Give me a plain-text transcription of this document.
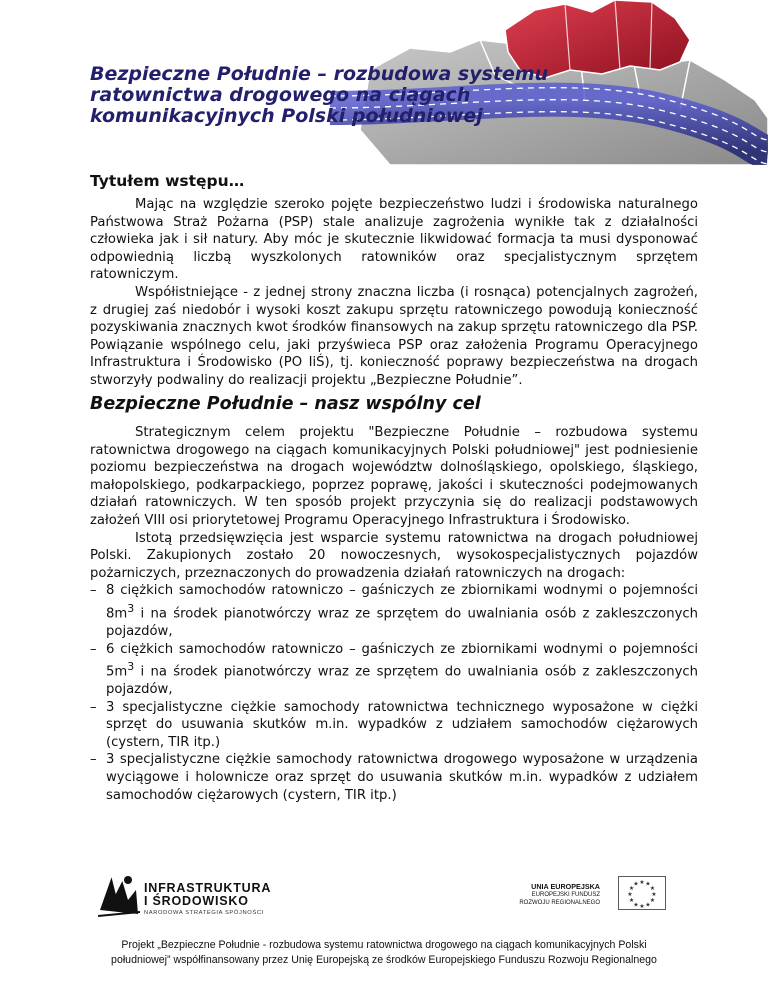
Bezpieczne Południe – rozbudowa systemu
ratownictwa drogowego na ciągach
komunikacyjnych Polski południowej
Tytułem wstępu…

Mając na względzie szeroko pojęte bezpieczeństwo ludzi i środowiska naturalnego Państwowa Straż Pożarna (PSP) stale analizuje zagrożenia wynikłe tak z działalności człowieka jak i sił natury. Aby móc je skutecznie likwidować formacja ta musi dysponować odpowiednią liczbą wyszkolonych ratowników oraz specjalistycznym sprzętem ratowniczym.

Współistniejące - z jednej strony znaczna liczba (i rosnąca) potencjalnych zagrożeń, z drugiej zaś niedobór i wysoki koszt zakupu sprzętu ratowniczego powodują konieczność pozyskiwania znacznych kwot środków finansowych na zakup sprzętu ratowniczego dla PSP. Powiązanie wspólnego celu, jaki przyświeca PSP oraz założenia Programu Operacyjnego Infrastruktura i Środowisko (PO IiŚ), tj. konieczność poprawy bezpieczeństwa na drogach stworzyły podwaliny do realizacji projektu „Bezpieczne Południe”.

Bezpieczne Południe – nasz wspólny cel

Strategicznym celem projektu "Bezpieczne Południe – rozbudowa systemu ratownictwa drogowego na ciągach komunikacyjnych Polski południowej" jest podniesienie poziomu bezpieczeństwa na drogach województw dolnośląskiego, opolskiego, śląskiego, małopolskiego, podkarpackiego, poprzez poprawę, jakości i skuteczności podejmowanych działań ratowniczych. W ten sposób projekt przyczynia się do realizacji podstawowych założeń VIII osi priorytetowej Programu Operacyjnego Infrastruktura i Środowisko.

Istotą przedsięwzięcia jest wsparcie systemu ratownictwa na drogach południowej Polski. Zakupionych zostało 20 nowoczesnych, wysokospecjalistycznych pojazdów pożarniczych, przeznaczonych do prowadzenia działań ratowniczych na drogach:

– 8 ciężkich samochodów ratowniczo – gaśniczych ze zbiornikami wodnymi o pojemności $8m^3$ i na środek pianotwórczy wraz ze sprzętem do uwalniania osób z zakleszczonych pojazdów,
– 6 ciężkich samochodów ratowniczo – gaśniczych ze zbiornikami wodnymi o pojemności $5m^3$ i na środek pianotwórczy wraz ze sprzętem do uwalniania osób z zakleszczonych pojazdów,
– 3 specjalistyczne ciężkie samochody ratownictwa technicznego wyposażone w ciężki sprzęt do usuwania skutków m.in. wypadków z udziałem samochodów ciężarowych (cystern, TIR itp.)
– 3 specjalistyczne ciężkie samochody ratownictwa drogowego wyposażone w urządzenia wyciągowe i holownicze oraz sprzęt do usuwania skutków m.in. wypadków z udziałem samochodów ciężarowych (cystern, TIR itp.)
INFRASTRUKTURA
I ŚRODOWISKO
NARODOWA STRATEGIA SPÓJNOŚCI
UNIA EUROPEJSKA
EUROPEJSKI FUNDUSZ
ROZWOJU REGIONALNEGO
★ ★
★
★
★
★
★
★
★
★
★
★

Projekt „Bezpieczne Południe - rozbudowa systemu ratownictwa drogowego na ciągach komunikacyjnych Polski
południowej” współfinansowany przez Unię Europejską ze środków Europejskiego Funduszu Rozwoju Regionalnego
